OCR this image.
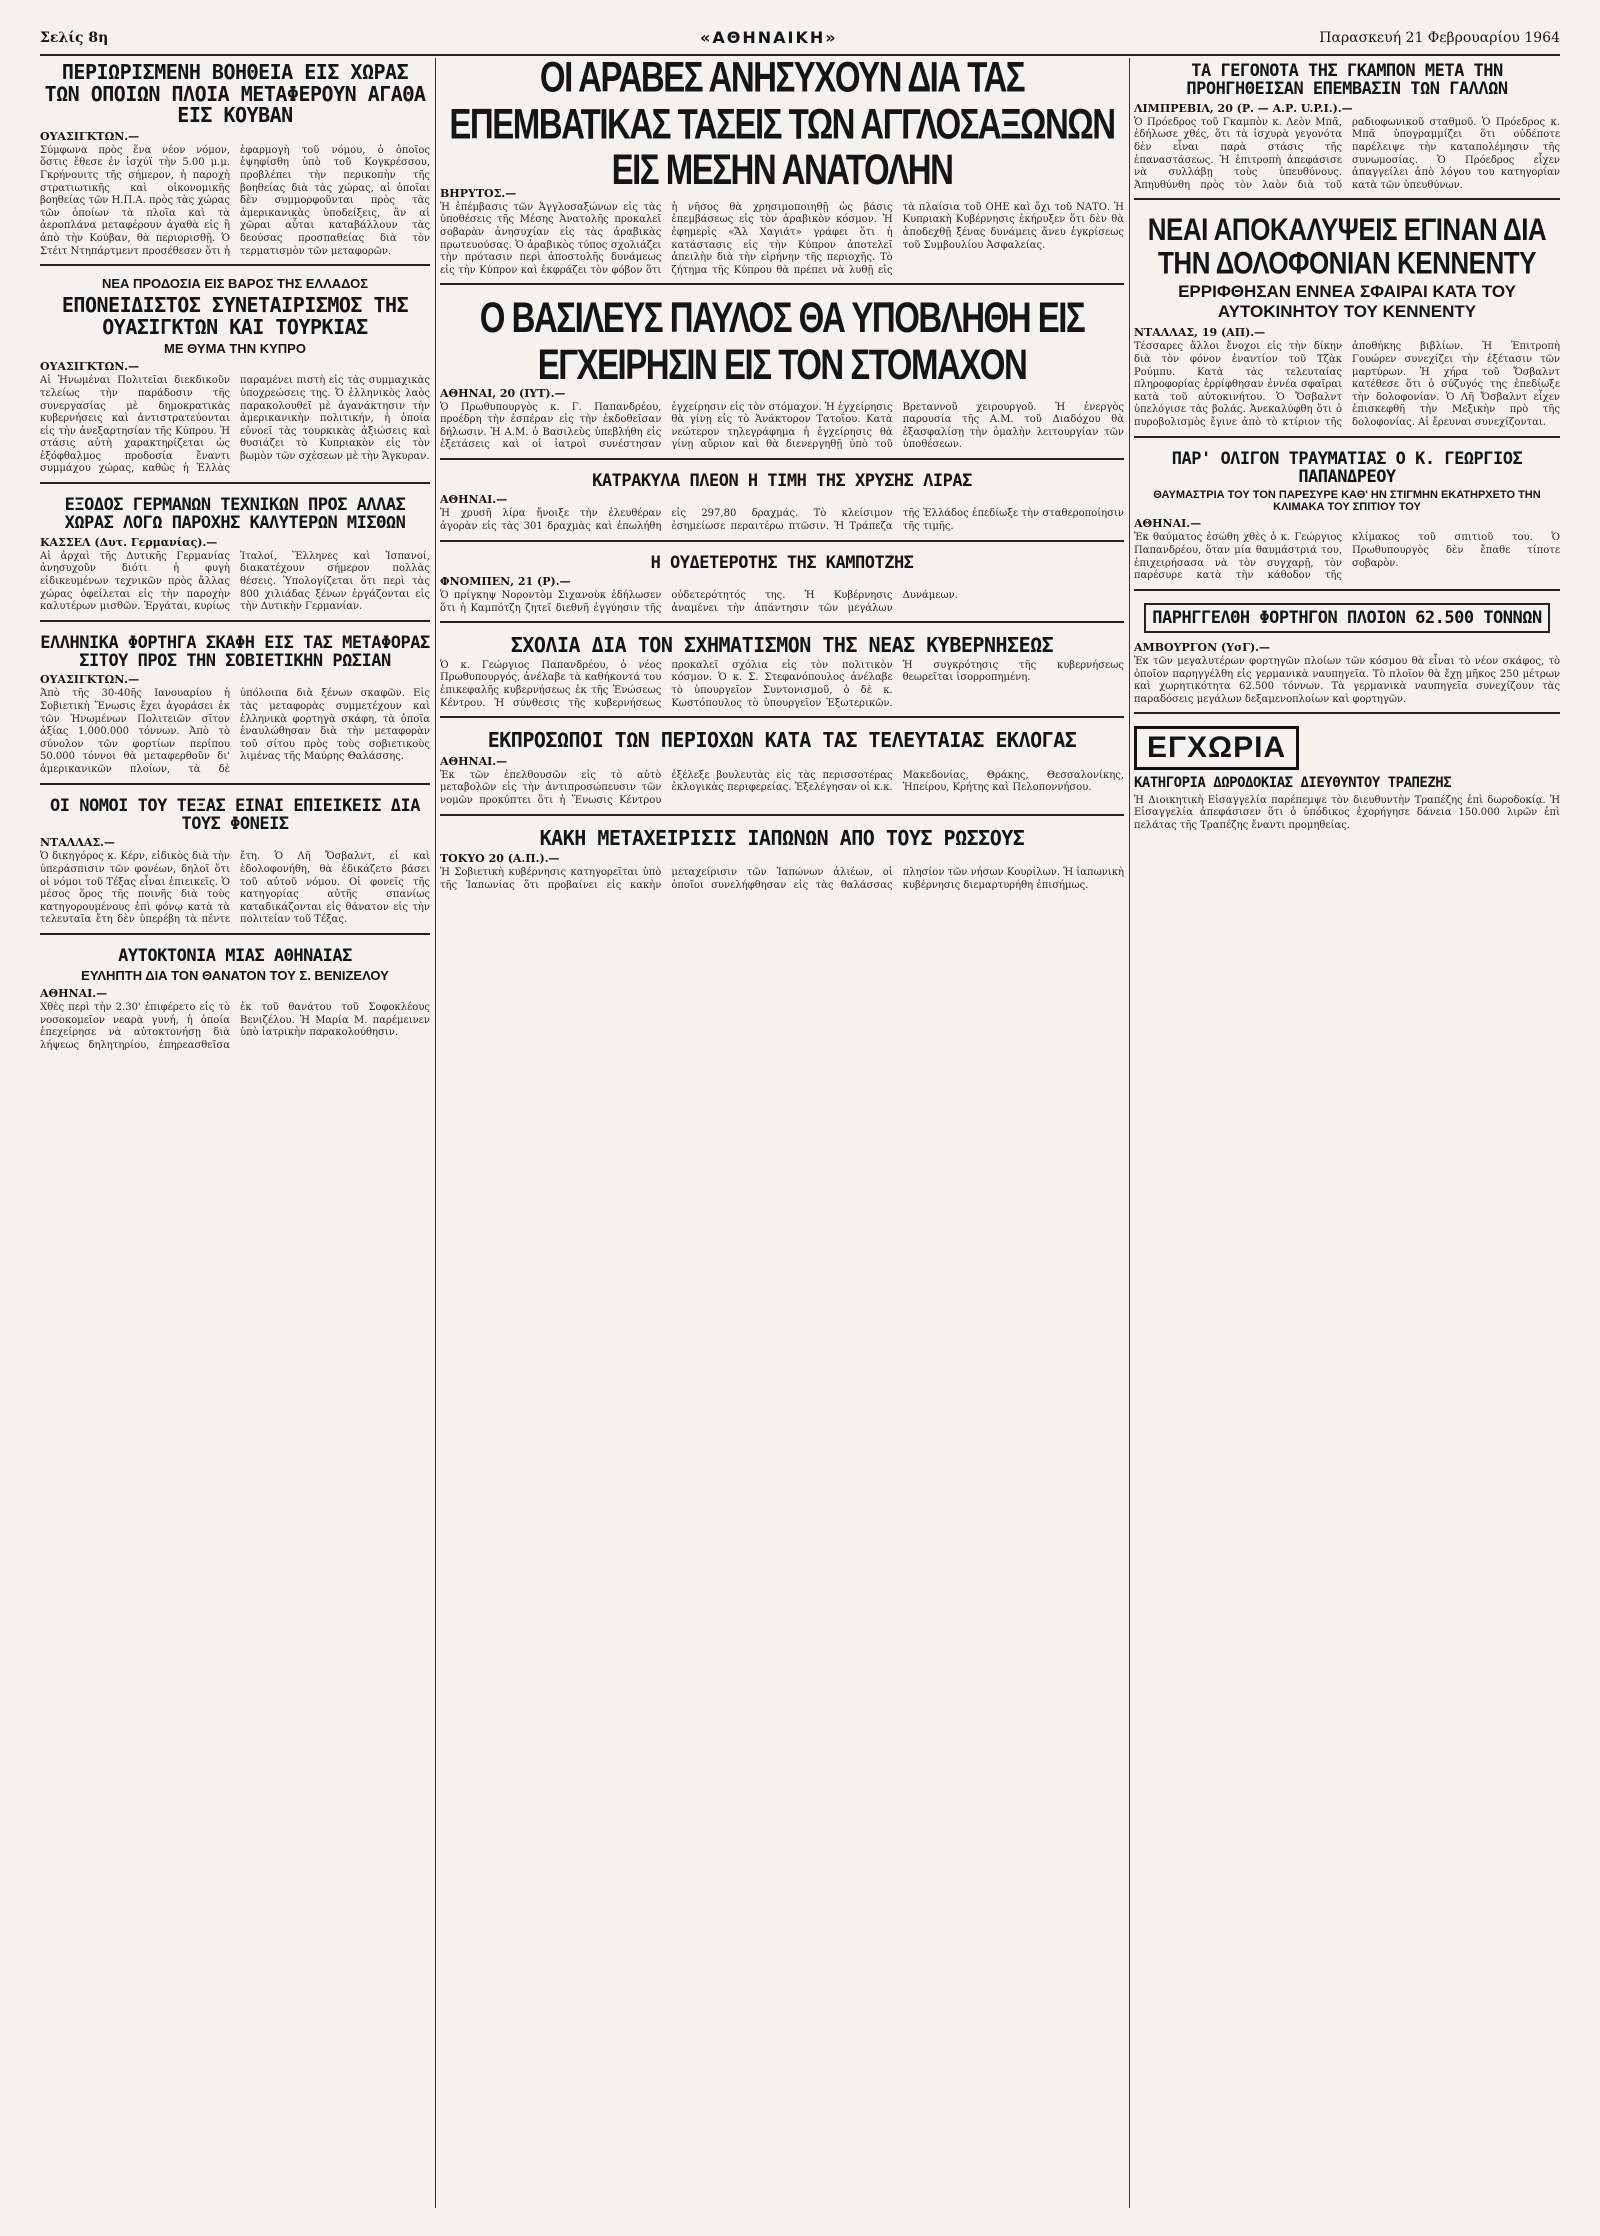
Σελίς 8η	«ΑΘΗΝΑΙΚΗ»	Παρασκευή 21 Φεβρουαρίου 1964
ΠΕΡΙΩΡΙΣΜΕΝΗ ΒΟΗΘΕΙΑ ΕΙΣ ΧΩΡΑΣ ΤΩΝ ΟΠΟΙΩΝ ΠΛΟΙΑ ΜΕΤΑΦΕΡΟΥΝ ΑΓΑΘΑ ΕΙΣ ΚΟΥΒΑΝ
ΟΥΑΣΙΓΚΤΩΝ.—

Σύμφωνα πρὸς ἕνα νέον νόμον, ὅστις ἔθεσε ἐν ἰσχύϊ τὴν 5.00 μ.μ. Γκρήνουιτς τῆς σήμερον, ἡ παροχὴ στρατιωτικῆς καὶ οἰκονομικῆς βοηθείας τῶν Η.Π.Α. πρὸς τὰς χώρας τῶν ὁποίων τὰ πλοῖα καὶ τὰ ἀεροπλάνα μεταφέρουν ἀγαθὰ εἰς ἢ ἀπὸ τὴν Κούβαν, θὰ περιορισθῇ. Ὁ Στέιτ Ντηπάρτμεντ προσέθεσεν ὅτι ἡ ἐφαρμογὴ τοῦ νόμου, ὁ ὁποῖος ἐψηφίσθη ὑπὸ τοῦ Κογκρέσσου, προβλέπει τὴν περικοπὴν τῆς βοηθείας διὰ τὰς χώρας, αἱ ὁποῖαι δὲν συμμορφοῦνται πρὸς τὰς ἀμερικανικὰς ὑποδείξεις, ἂν αἱ χῶραι αὗται καταβάλλουν τὰς δεούσας προσπαθείας διὰ τὸν τερματισμὸν τῶν μεταφορῶν.

ΝΕΑ ΠΡΟΔΟΣΙΑ ΕΙΣ ΒΑΡΟΣ ΤΗΣ ΕΛΛΑΔΟΣ
ΕΠΟΝΕΙΔΙΣΤΟΣ ΣΥΝΕΤΑΙΡΙΣΜΟΣ ΤΗΣ ΟΥΑΣΙΓΚΤΩΝ ΚΑΙ ΤΟΥΡΚΙΑΣ
ΜΕ ΘΥΜΑ ΤΗΝ ΚΥΠΡΟ
ΟΥΑΣΙΓΚΤΩΝ.—

Αἱ Ἡνωμέναι Πολιτεῖαι διεκδικοῦν τελείως τὴν παράδοσιν τῆς συνεργασίας μὲ δημοκρατικὰς κυβερνήσεις καὶ ἀντιστρατεύονται εἰς τὴν ἀνεξαρτησίαν τῆς Κύπρου. Ἡ στάσις αὐτὴ χαρακτηρίζεται ὡς ἐξόφθαλμος προδοσία ἔναντι συμμάχου χώρας, καθὼς ἡ Ἑλλὰς παραμένει πιστὴ εἰς τὰς συμμαχικὰς ὑποχρεώσεις της. Ὁ ἑλληνικὸς λαὸς παρακολουθεῖ μὲ ἀγανάκτησιν τὴν ἀμερικανικὴν πολιτικήν, ἡ ὁποία εὐνοεῖ τὰς τουρκικὰς ἀξιώσεις καὶ θυσιάζει τὸ Κυπριακὸν εἰς τὸν βωμὸν τῶν σχέσεων μὲ τὴν Ἄγκυραν.

ΕΞΟΔΟΣ ΓΕΡΜΑΝΩΝ ΤΕΧΝΙΚΩΝ ΠΡΟΣ ΑΛΛΑΣ ΧΩΡΑΣ ΛΟΓΩ ΠΑΡΟΧΗΣ ΚΑΛΥΤΕΡΩΝ ΜΙΣΘΩΝ
ΚΑΣΣΕΛ (Δυτ. Γερμανίας).—

Αἱ ἀρχαὶ τῆς Δυτικῆς Γερμανίας ἀνησυχοῦν διότι ἡ φυγὴ εἰδικευμένων τεχνικῶν πρὸς ἄλλας χώρας ὀφείλεται εἰς τὴν παροχὴν καλυτέρων μισθῶν. Ἐργάται, κυρίως Ἰταλοί, Ἕλληνες καὶ Ἱσπανοί, διακατέχουν σήμερον πολλὰς θέσεις. Ὑπολογίζεται ὅτι περὶ τὰς 800 χιλιάδας ξένων ἐργάζονται εἰς τὴν Δυτικὴν Γερμανίαν.

ΕΛΛΗΝΙΚΑ ΦΟΡΤΗΓΑ ΣΚΑΦΗ ΕΙΣ ΤΑΣ ΜΕΤΑΦΟΡΑΣ ΣΙΤΟΥ ΠΡΟΣ ΤΗΝ ΣΟΒΙΕΤΙΚΗΝ ΡΩΣΙΑΝ
ΟΥΑΣΙΓΚΤΩΝ.—

Ἀπὸ τῆς 30-40ῆς Ιανουαρίου ἡ Σοβιετικὴ Ἕνωσις ἔχει ἀγοράσει ἐκ τῶν Ἡνωμένων Πολιτειῶν σῖτον ἀξίας 1.000.000 τόννων. Ἀπὸ τὸ σύνολον τῶν φορτίων περίπου 50.000 τόννοι θὰ μεταφερθοῦν δι' ἀμερικανικῶν πλοίων, τὰ δὲ ὑπόλοιπα διὰ ξένων σκαφῶν. Εἰς τὰς μεταφορὰς συμμετέχουν καὶ ἑλληνικὰ φορτηγὰ σκάφη, τὰ ὁποῖα ἐναυλώθησαν διὰ τὴν μεταφορὰν τοῦ σίτου πρὸς τοὺς σοβιετικοὺς λιμένας τῆς Μαύρης Θαλάσσης.

ΟΙ ΝΟΜΟΙ ΤΟΥ ΤΕΞΑΣ ΕΙΝΑΙ ΕΠΙΕΙΚΕΙΣ ΔΙΑ ΤΟΥΣ ΦΟΝΕΙΣ
ΝΤΑΛΛΑΣ.—

Ὁ δικηγόρος κ. Κέρν, εἰδικὸς διὰ τὴν ὑπεράσπισιν τῶν φονέων, δηλοῖ ὅτι οἱ νόμοι τοῦ Τέξας εἶναι ἐπιεικεῖς. Ὁ μέσος ὅρος τῆς ποινῆς διὰ τοὺς κατηγορουμένους ἐπὶ φόνῳ κατὰ τὰ τελευταῖα ἔτη δὲν ὑπερέβη τὰ πέντε ἔτη. Ὁ Λῆ Ὄσβαλντ, εἰ καὶ ἐδολοφονήθη, θὰ ἐδικάζετο βάσει τοῦ αὐτοῦ νόμου. Οἱ φονεῖς τῆς κατηγορίας αὐτῆς σπανίως καταδικάζονται εἰς θάνατον εἰς τὴν πολιτείαν τοῦ Τέξας.

ΑΥΤΟΚΤΟΝΙΑ ΜΙΑΣ ΑΘΗΝΑΙΑΣ
ΕΥΛΗΠΤΗ ΔΙΑ ΤΟΝ ΘΑΝΑΤΟΝ ΤΟΥ Σ. ΒΕΝΙΖΕΛΟΥ
ΑΘΗΝΑΙ.—

Χθὲς περὶ τὴν 2.30' ἐπιφέρετο εἰς τὸ νοσοκομεῖον νεαρὰ γυνή, ἡ ὁποία ἐπεχείρησε νὰ αὐτοκτονήσῃ διὰ λήψεως δηλητηρίου, ἐπηρεασθεῖσα ἐκ τοῦ θανάτου τοῦ Σοφοκλέους Βενιζέλου. Ἡ Μαρία Μ. παρέμεινεν ὑπὸ ἰατρικὴν παρακολούθησιν.

ΟΙ ΑΡΑΒΕΣ ΑΝΗΣΥΧΟΥΝ ΔΙΑ ΤΑΣ ΕΠΕΜΒΑΤΙΚΑΣ ΤΑΣΕΙΣ ΤΩΝ ΑΓΓΛΟΣΑΞΩΝΩΝ ΕΙΣ ΜΕΣΗΝ ΑΝΑΤΟΛΗΝ
ΒΗΡΥΤΟΣ.—

Ἡ ἐπέμβασις τῶν Ἀγγλοσαξώνων εἰς τὰς ὑποθέσεις τῆς Μέσης Ἀνατολῆς προκαλεῖ σοβαρὰν ἀνησυχίαν εἰς τὰς ἀραβικὰς πρωτευούσας. Ὁ ἀραβικὸς τύπος σχολιάζει τὴν πρότασιν περὶ ἀποστολῆς δυνάμεως εἰς τὴν Κύπρον καὶ ἐκφράζει τὸν φόβον ὅτι ἡ νῆσος θὰ χρησιμοποιηθῇ ὡς βάσις ἐπεμβάσεως εἰς τὸν ἀραβικὸν κόσμον. Ἡ ἐφημερὶς «Ἄλ Χαγιάτ» γράφει ὅτι ἡ κατάστασις εἰς τὴν Κύπρον ἀποτελεῖ ἀπειλὴν διὰ τὴν εἰρήνην τῆς περιοχῆς. Τὸ ζήτημα τῆς Κύπρου θὰ πρέπει νὰ λυθῇ εἰς τὰ πλαίσια τοῦ ΟΗΕ καὶ ὄχι τοῦ ΝΑΤΟ. Ἡ Κυπριακὴ Κυβέρνησις ἐκήρυξεν ὅτι δὲν θὰ ἀποδεχθῇ ξένας δυνάμεις ἄνευ ἐγκρίσεως τοῦ Συμβουλίου Ἀσφαλείας.

Ο ΒΑΣΙΛΕΥΣ ΠΑΥΛΟΣ ΘΑ ΥΠΟΒΛΗΘΗ ΕΙΣ ΕΓΧΕΙΡΗΣΙΝ ΕΙΣ ΤΟΝ ΣΤΟΜΑΧΟΝ
ΑΘΗΝΑΙ, 20 (ΙΥΤ).—

Ὁ Πρωθυπουργὸς κ. Γ. Παπανδρέου, προέδρη τὴν ἑσπέραν εἰς τὴν ἐκδοθεῖσαν δήλωσιν. Ἡ Α.Μ. ὁ Βασιλεὺς ὑπεβλήθη εἰς ἐξετάσεις καὶ οἱ ἰατροὶ συνέστησαν ἐγχείρησιν εἰς τὸν στόμαχον. Ἡ ἐγχείρησις θὰ γίνῃ εἰς τὸ Ἀνάκτορον Τατοΐου. Κατὰ νεώτερον τηλεγράφημα ἡ ἐγχείρησις θὰ γίνῃ αὔριον καὶ θὰ διενεργηθῇ ὑπὸ τοῦ Βρεταννοῦ χειρουργοῦ. Ἡ ἐνεργὸς παρουσία τῆς Α.Μ. τοῦ Διαδόχου θὰ ἐξασφαλίσῃ τὴν ὁμαλὴν λειτουργίαν τῶν ὑποθέσεων.

ΚΑΤΡΑΚΥΛΑ ΠΛΕΟΝ Η ΤΙΜΗ ΤΗΣ ΧΡΥΣΗΣ ΛΙΡΑΣ
ΑΘΗΝΑΙ.—

Ἡ χρυσῆ λίρα ἤνοιξε τὴν ἑλευθέραν ἀγορὰν εἰς τὰς 301 δραχμὰς καὶ ἐπωλήθη εἰς 297,80 δραχμάς. Τὸ κλείσιμον ἐσημείωσε περαιτέρω πτῶσιν. Ἡ Τράπεζα τῆς Ἑλλάδος ἐπεδίωξε τὴν σταθεροποίησιν τῆς τιμῆς.

Η ΟΥΔΕΤΕΡΟΤΗΣ ΤΗΣ ΚΑΜΠΟΤΖΗΣ
ΦΝΟΜΠΕΝ, 21 (Ρ).—

Ὁ πρίγκηψ Νοροντὸμ Σιχανοὺκ ἐδήλωσεν ὅτι ἡ Καμπότζη ζητεῖ διεθνῆ ἐγγύησιν τῆς οὐδετερότητός της. Ἡ Κυβέρνησις ἀναμένει τὴν ἀπάντησιν τῶν μεγάλων Δυνάμεων.

ΣΧΟΛΙΑ ΔΙΑ ΤΟΝ ΣΧΗΜΑΤΙΣΜΟΝ ΤΗΣ ΝΕΑΣ ΚΥΒΕΡΝΗΣΕΩΣ

Ὁ κ. Γεώργιος Παπανδρέου, ὁ νέος Πρωθυπουργός, ἀνέλαβε τὰ καθήκοντά του ἐπικεφαλῆς κυβερνήσεως ἐκ τῆς Ἑνώσεως Κέντρου. Ἡ σύνθεσις τῆς κυβερνήσεως προκαλεῖ σχόλια εἰς τὸν πολιτικὸν κόσμον. Ὁ κ. Σ. Στεφανόπουλος ἀνέλαβε τὸ ὑπουργεῖον Συντονισμοῦ, ὁ δὲ κ. Κωστόπουλος τὸ ὑπουργεῖον Ἐξωτερικῶν. Ἡ συγκρότησις τῆς κυβερνήσεως θεωρεῖται ἰσορροπημένη.

ΕΚΠΡΟΣΩΠΟΙ ΤΩΝ ΠΕΡΙΟΧΩΝ ΚΑΤΑ ΤΑΣ ΤΕΛΕΥΤΑΙΑΣ ΕΚΛΟΓΑΣ
ΑΘΗΝΑΙ.—

Ἐκ τῶν ἐπελθουσῶν εἰς τὸ αὐτὸ μεταβολῶν εἰς τὴν ἀντιπροσώπευσιν τῶν νομῶν προκύπτει ὅτι ἡ Ἕνωσις Κέντρου ἐξέλεξε βουλευτὰς εἰς τὰς περισσοτέρας ἐκλογικὰς περιφερείας. Ἐξελέγησαν οἱ κ.κ. Μακεδονίας, Θράκης, Θεσσαλονίκης, Ἠπείρου, Κρήτης καὶ Πελοποννήσου.

ΚΑΚΗ ΜΕΤΑΧΕΙΡΙΣΙΣ ΙΑΠΩΝΩΝ ΑΠΟ ΤΟΥΣ ΡΩΣΣΟΥΣ
ΤΟΚΥΟ 20 (Α.Π.).—

Ἡ Σοβιετικὴ κυβέρνησις κατηγορεῖται ὑπὸ τῆς Ἰαπωνίας ὅτι προβαίνει εἰς κακὴν μεταχείρισιν τῶν Ἰαπώνων ἁλιέων, οἱ ὁποῖοι συνελήφθησαν εἰς τὰς θαλάσσας πλησίον τῶν νήσων Κουρίλων. Ἡ ἰαπωνικὴ κυβέρνησις διεμαρτυρήθη ἐπισήμως.

ΤΑ ΓΕΓΟΝΟΤΑ ΤΗΣ ΓΚΑΜΠΟΝ ΜΕΤΑ ΤΗΝ ΠΡΟΗΓΗΘΕΙΣΑΝ ΕΠΕΜΒΑΣΙΝ ΤΩΝ ΓΑΛΛΩΝ
ΛΙΜΠΡΕΒΙΛ, 20 (Ρ. — Α.Ρ. U.P.I.).—

Ὁ Πρόεδρος τοῦ Γκαμπὸν κ. Λεὸν Μπᾶ, ἐδήλωσε χθές, ὅτι τὰ ἰσχυρὰ γεγονότα δὲν εἶναι παρὰ στάσις τῆς ἐπαναστάσεως. Ἡ ἐπιτροπὴ ἀπεφάσισε νὰ συλλάβῃ τοὺς ὑπευθύνους. Ἀπηυθύνθη πρὸς τὸν λαὸν διὰ τοῦ ραδιοφωνικοῦ σταθμοῦ. Ὁ Πρόεδρος κ. Μπᾶ ὑπογραμμίζει ὅτι οὐδέποτε παρέλειψε τὴν καταπολέμησιν τῆς συνωμοσίας. Ὁ Πρόεδρος εἶχεν ἀπαγγείλει ἀπὸ λόγου του κατηγορίαν κατὰ τῶν ὑπευθύνων.

ΝΕΑΙ ΑΠΟΚΑΛΥΨΕΙΣ ΕΓΙΝΑΝ ΔΙΑ ΤΗΝ ΔΟΛΟΦΟΝΙΑΝ ΚΕΝΝΕΝΤΥ
ΕΡΡΙΦΘΗΣΑΝ ΕΝΝΕΑ ΣΦΑΙΡΑΙ ΚΑΤΑ ΤΟΥ ΑΥΤΟΚΙΝΗΤΟΥ ΤΟΥ ΚΕΝΝΕΝΤΥ
ΝΤΑΛΛΑΣ, 19 (ΑΠ).—

Τέσσαρες ἄλλοι ἔνοχοι εἰς τὴν δίκην διὰ τὸν φόνον ἐναντίον τοῦ Τζὰκ Ρούμπυ. Κατὰ τὰς τελευταίας πληροφορίας ἐρρίφθησαν ἐννέα σφαῖραι κατὰ τοῦ αὐτοκινήτου. Ὁ Ὄσβαλντ ὑπελόγισε τὰς βολάς. Ἀνεκαλύφθη ὅτι ὁ πυροβολισμὸς ἔγινε ἀπὸ τὸ κτίριον τῆς ἀποθήκης βιβλίων. Ἡ Ἐπιτροπὴ Γουώρεν συνεχίζει τὴν ἐξέτασιν τῶν μαρτύρων. Ἡ χήρα τοῦ Ὄσβαλντ κατέθεσε ὅτι ὁ σύζυγός της ἐπεδίωξε τὴν δολοφονίαν. Ὁ Λῆ Ὄσβαλντ εἶχεν ἐπισκεφθῆ τὴν Μεξικὴν πρὸ τῆς δολοφονίας. Αἱ ἔρευναι συνεχίζονται.

ΠΑΡ' ΟΛΙΓΟΝ ΤΡΑΥΜΑΤΙΑΣ Ο Κ. ΓΕΩΡΓΙΟΣ ΠΑΠΑΝΔΡΕΟΥ
ΘΑΥΜΑΣΤΡΙΑ ΤΟΥ ΤΟΝ ΠΑΡΕΣΥΡΕ ΚΑΘ' ΗΝ ΣΤΙΓΜΗΝ ΕΚΑΤΗΡΧΕΤΟ ΤΗΝ ΚΛΙΜΑΚΑ ΤΟΥ ΣΠΙΤΙΟΥ ΤΟΥ
ΑΘΗΝΑΙ.—

Ἐκ θαύματος ἐσώθη χθὲς ὁ κ. Γεώργιος Παπανδρέου, ὅταν μία θαυμάστριά του, ἐπιχειρήσασα νὰ τὸν συγχαρῇ, τὸν παρέσυρε κατὰ τὴν κάθοδον τῆς κλίμακος τοῦ σπιτιοῦ του. Ὁ Πρωθυπουργὸς δὲν ἔπαθε τίποτε σοβαρὸν.

ΠΑΡΗΓΓΕΛΘΗ ΦΟΡΤΗΓΟΝ ΠΛΟΙΟΝ 62.500 ΤΟΝΝΩΝ
ΑΜΒΟΥΡΓΟΝ (ΥσΓ).—

Ἐκ τῶν μεγαλυτέρων φορτηγῶν πλοίων τῶν κόσμου θὰ εἶναι τὸ νέον σκάφος, τὸ ὁποῖον παρηγγέλθη εἰς γερμανικὰ ναυπηγεῖα. Τὸ πλοῖον θὰ ἔχῃ μῆκος 250 μέτρων καὶ χωρητικότητα 62.500 τόννων. Τὰ γερμανικὰ ναυπηγεῖα συνεχίζουν τὰς παραδόσεις μεγάλων δεξαμενοπλοίων καὶ φορτηγῶν.

ΕΓΧΩΡΙΑ
ΚΑΤΗΓΟΡΙΑ ΔΩΡΟΔΟΚΙΑΣ ΔΙΕΥΘΥΝΤΟΥ ΤΡΑΠΕΖΗΣ

Ἡ Διοικητικὴ Εἰσαγγελία παρέπεμψε τὸν διευθυντὴν Τραπέζης ἐπὶ δωροδοκίᾳ. Ἡ Εἰσαγγελία ἀπεφάσισεν ὅτι ὁ ὑπόδικος ἐχορήγησε δάνεια 150.000 λιρῶν ἐπὶ πελάτας τῆς Τραπέζης ἔναντι προμηθείας.
